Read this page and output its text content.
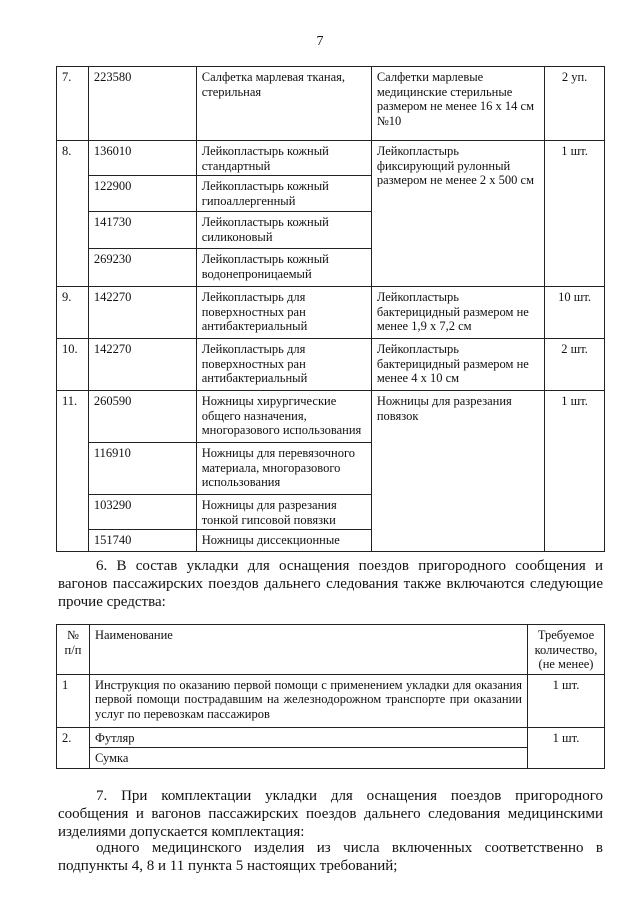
7
7.	223580	Салфетка марлевая тканая, стерильная	Салфетки марлевые медицинские стерильные размером не менее 16 x 14 см №10	2 уп.
8.	136010	Лейкопластырь кожный стандартный	Лейкопластырь фиксирующий рулонный размером не менее 2 x 500 см	1 шт.
	122900	Лейкопластырь кожный гипоаллергенный		
	141730	Лейкопластырь кожный силиконовый		
	269230	Лейкопластырь кожный водонепроницаемый		
9.	142270	Лейкопластырь для поверхностных ран антибактериальный	Лейкопластырь бактерицидный размером не менее 1,9 x 7,2 см	10 шт.
10.	142270	Лейкопластырь для поверхностных ран антибактериальный	Лейкопластырь бактерицидный размером не менее 4 x 10 см	2 шт.
11.	260590	Ножницы хирургические общего назначения, многоразового использования	Ножницы для разрезания повязок	1 шт.
	116910	Ножницы для перевязочного материала, многоразового использования		
	103290	Ножницы для разрезания тонкой гипсовой повязки		
	151740	Ножницы диссекционные		
6. В состав укладки для оснащения поездов пригородного сообщения и вагонов пассажирских поездов дальнего следования также включаются следующие прочие средства:
№ п/п	Наименование	Требуемое количество, (не менее)
1	Инструкция по оказанию первой помощи с применением укладки для оказания первой помощи пострадавшим на железнодорожном транспорте при оказании услуг по перевозкам пассажиров	1 шт.
2.	Футляр	1 шт.
	Сумка	
7. При комплектации укладки для оснащения поездов пригородного сообщения и вагонов пассажирских поездов дальнего следования медицинскими изделиями допускается комплектация:
одного медицинского изделия из числа включенных соответственно в подпункты 4, 8 и 11 пункта 5 настоящих требований;
